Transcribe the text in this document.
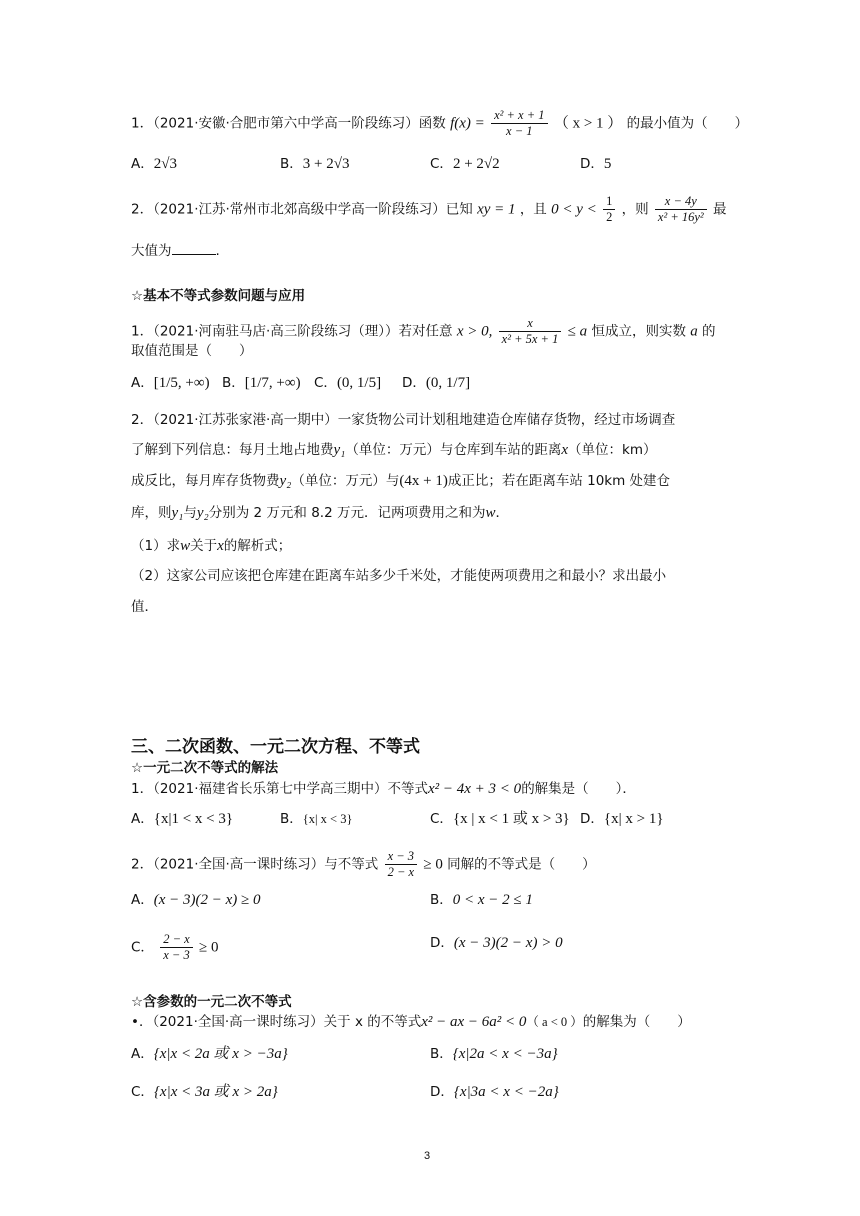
1．（2021·安徽·合肥市第六中学高一阶段练习）函数 $f(x) = \frac{\text{x² + x + 1}}{x - 1}$ （ x > 1 ） 的最小值为（　　）
A．2√3	B．3 + 2√3	C．2 + 2√2	D．5
2．（2021·江苏·常州市北郊高级中学高一阶段练习）已知 xy = 1 ，且 $0 < y < \frac{1}{2}$ ，则 $\frac{x - 4y}{\text{x² + 16y²}}$ 最
大值为	.
☆基本不等式参数问题与应用
1．（2021·河南驻马店·高三阶段练习（理））若对任意 x > 0, $\frac{x}{\text{x² + 5x + 1}} \le a$ 恒成立，则实数 a 的
取值范围是（　　）
A．[1/5, +∞) B．[1/7, +∞) C．(0, 1/5] D．(0, 1/7]
2．（2021·江苏张家港·高一期中）一家货物公司计划租地建造仓库储存货物，经过市场调查
了解到下列信息：每月土地占地费y₁（单位：万元）与仓库到车站的距离x（单位：km）
成反比，每月库存货物费y₂（单位：万元）与(4x + 1)成正比；若在距离车站 10km 处建仓
库，则y₁与y₂分别为 2 万元和 8.2 万元．记两项费用之和为w．
（1）求w关于x的解析式；
（2）这家公司应该把仓库建在距离车站多少千米处，才能使两项费用之和最小？求出最小
值．
三、二次函数、一元二次方程、不等式
☆一元二次不等式的解法
1．（2021·福建省长乐第七中学高三期中）不等式x² − 4x + 3 < 0的解集是（　　）．
A．{x|1 < x < 3}	B．{x| x < 3}	C．{x | x < 1 或 x > 3} D．{x| x > 1}
2．（2021·全国·高一课时练习）与不等式 $\frac{x - 3}{2 - x} \ge 0$ 同解的不等式是（　　）
A．(x − 3)(2 − x) ≥ 0	B．0 < x − 2 ≤ 1
C． $\frac{2 - x}{x - 3} \ge 0$	D．(x − 3)(2 − x) > 0
☆含参数的一元二次不等式
•．（2021·全国·高一课时练习）关于 x 的不等式x² − ax − 6a² < 0（ a < 0 ）的解集为（　　）
A．{x|x < 2a 或 x > −3a}	B．{x|2a < x < −3a}
C．{x|x < 3a 或 x > 2a}	D．{x|3a < x < −2a}
3
